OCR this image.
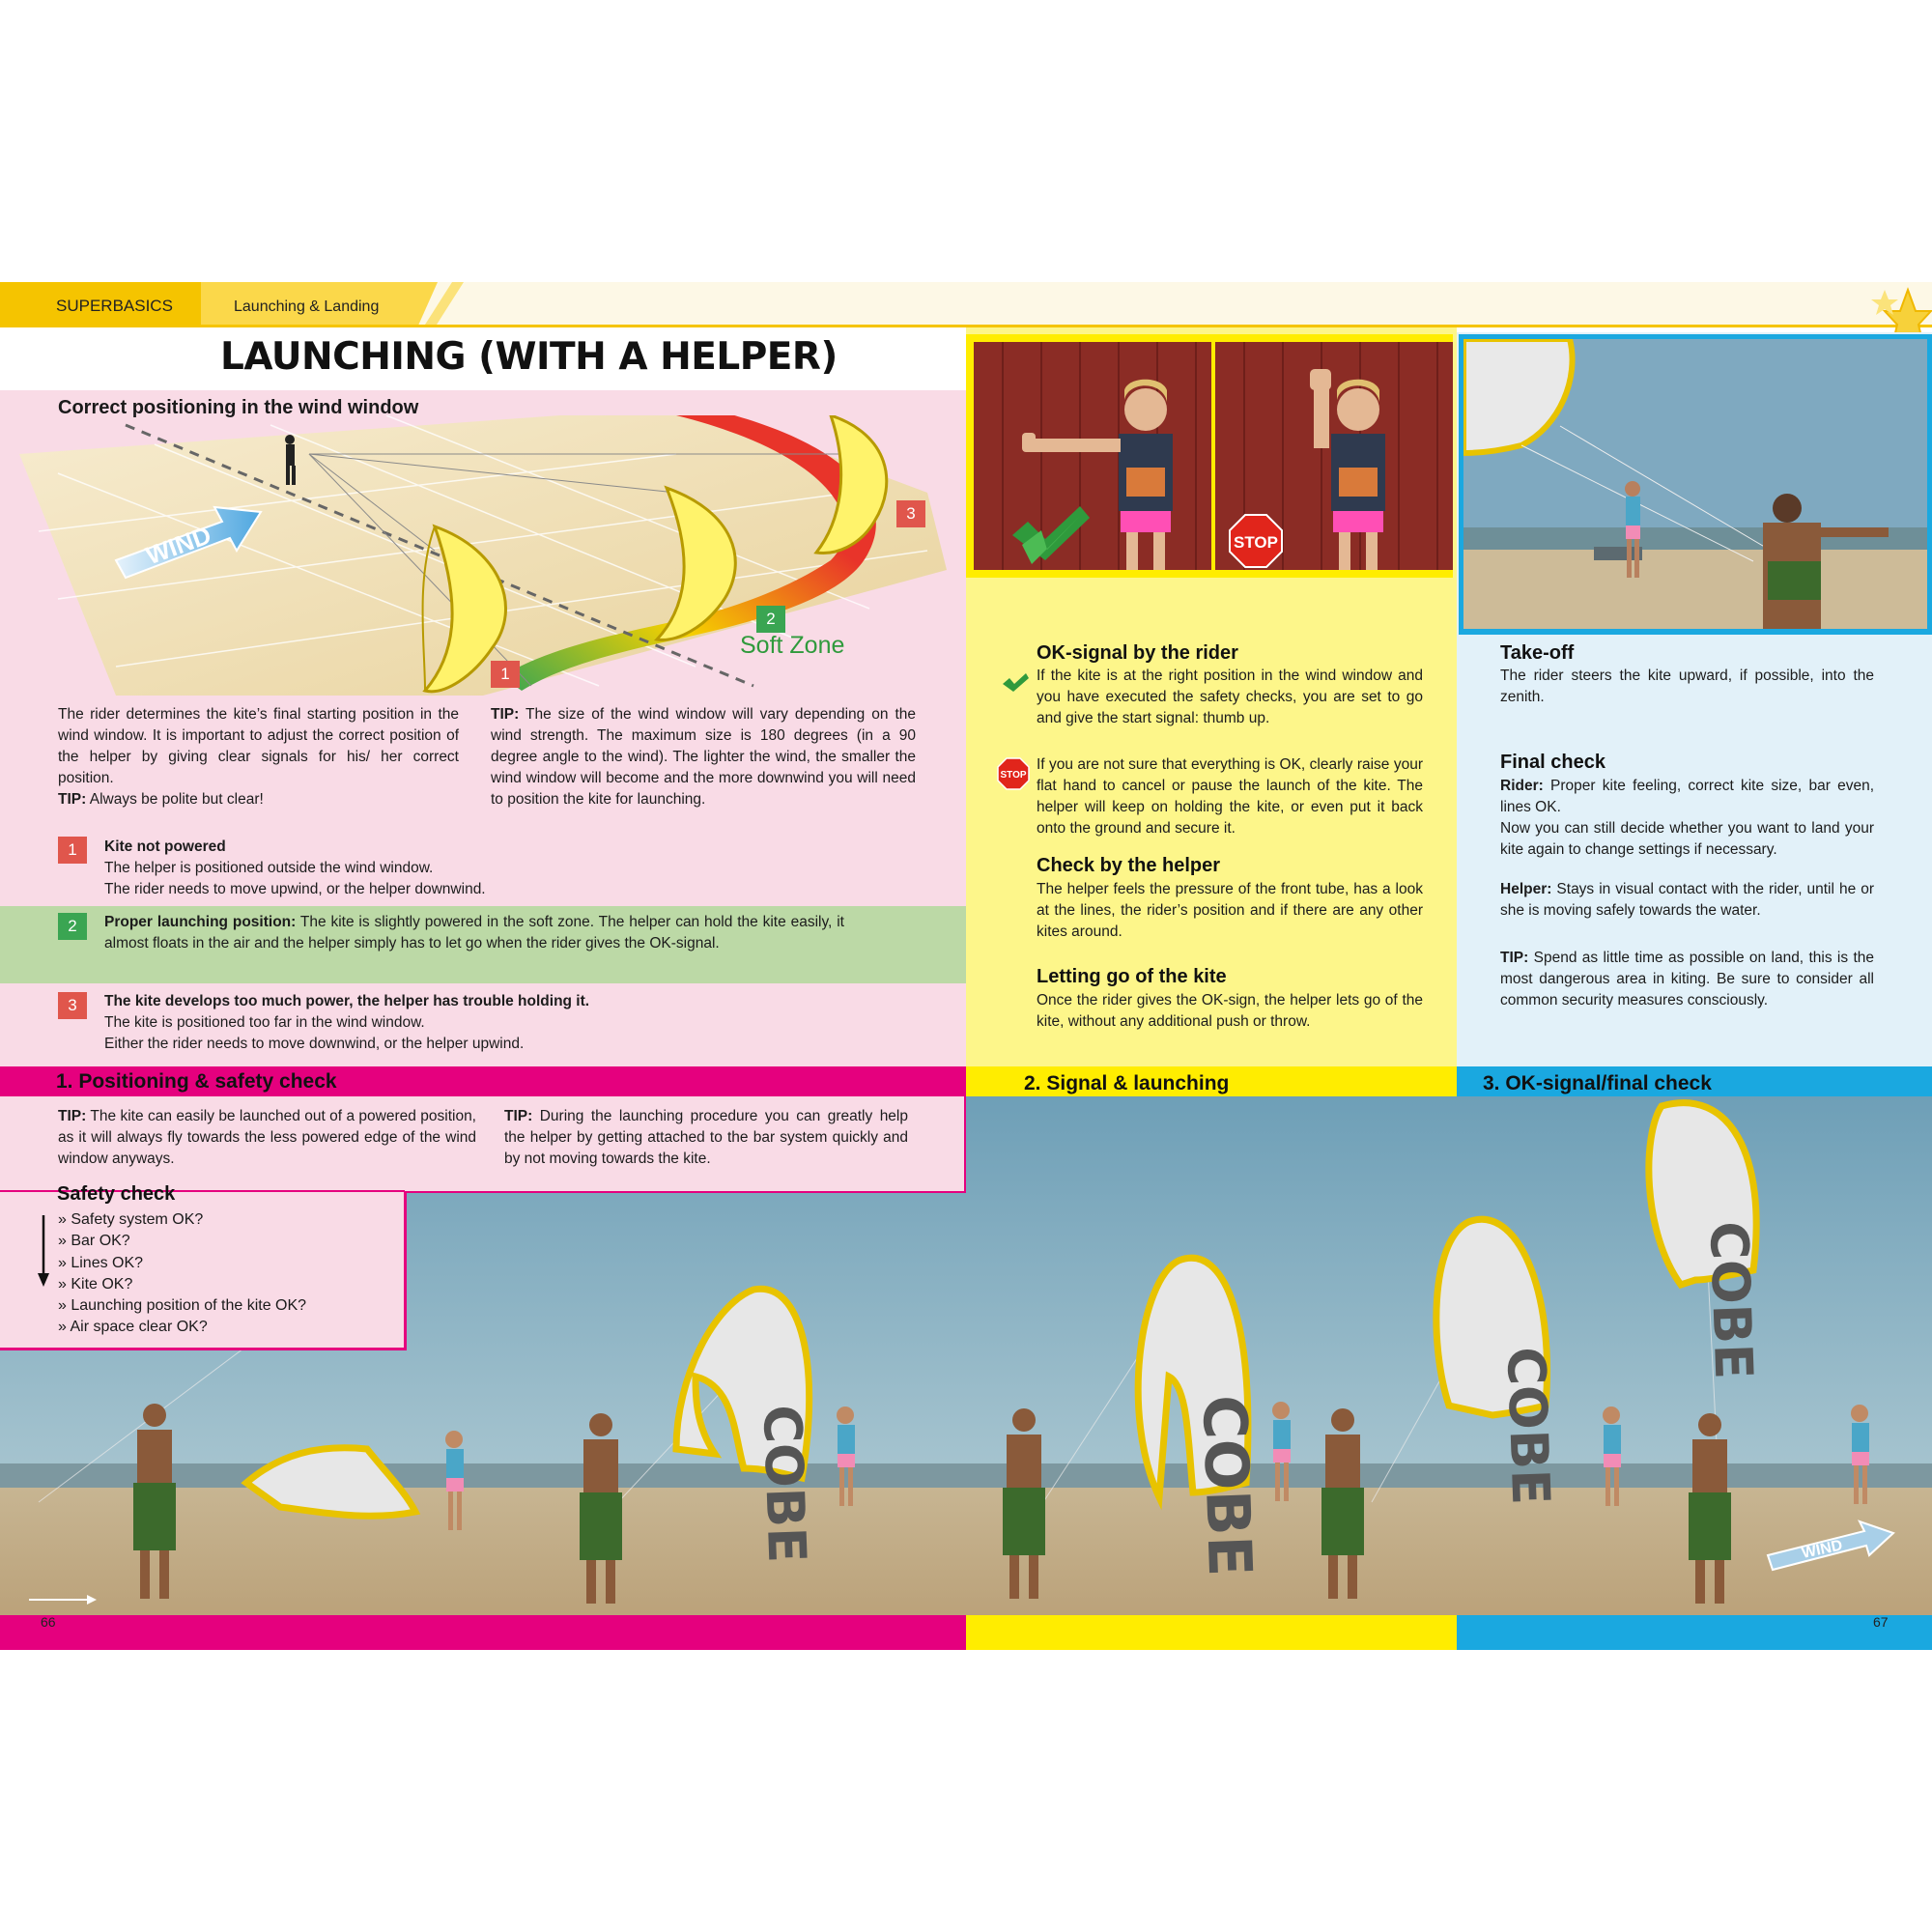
SUPERBASICS	Launching & Landing
LAUNCHING (WITH A HELPER)
Correct positioning in the wind window
WIND
1
2
3
Soft Zone
The rider determines the kite’s final starting position in the wind window. It is important to adjust the correct position of the helper by giving clear signals for his/ her correct position.
TIP: Always be polite but clear!
TIP: The size of the wind window will vary depending on the wind strength. The maximum size is 180 degrees (in a 90 degree angle to the wind). The lighter the wind, the smaller the wind window will become and the more downwind you will need to position the kite for launching.
1	Kite not powered
The helper is positioned outside the wind window.
The rider needs to move upwind, or the helper downwind.
2	Proper launching position: The kite is slightly powered in the soft zone. The helper can hold the kite easily, it almost floats in the air and the helper simply has to let go when the rider gives the OK-signal.
3	The kite develops too much power, the helper has trouble holding it.
The kite is positioned too far in the wind window.
Either the rider needs to move downwind, or the helper upwind.
1. Positioning & safety check	2. Signal & launching	3. OK-signal/final check
COBE	COBE	COBE
COBE
WIND
TIP: The kite can easily be launched out of a powered position, as it will always fly towards the less powered edge of the wind window anyways.
TIP: During the launching procedure you can greatly help the helper by getting attached to the bar system quickly and by not moving towards the kite.
Safety check
» Safety system OK?
» Bar OK?
» Lines OK?
» Kite OK?
» Launching position of the kite OK?
» Air space clear OK?
STOP
OK-signal by the rider
If the kite is at the right position in the wind window and you have executed the safety checks, you are set to go and give the start signal: thumb up.
STOP
If you are not sure that everything is OK, clearly raise your flat hand to cancel or pause the launch of the kite. The helper will keep on holding the kite, or even put it back onto the ground and secure it.
Check by the helper
The helper feels the pressure of the front tube, has a look at the lines, the rider’s position and if there are any other kites around.
Letting go of the kite
Once the rider gives the OK-sign, the helper lets go of the kite, without any additional push or throw.
Take-off
The rider steers the kite upward, if possible, into the zenith.
Final check
Rider: Proper kite feeling, correct kite size, bar even, lines OK.
Now you can still decide whether you want to land your kite again to change settings if necessary.
Helper: Stays in visual contact with the rider, until he or she is moving safely towards the water.
TIP: Spend as little time as possible on land, this is the most dangerous area in kiting. Be sure to consider all common security measures consciously.
66	67
